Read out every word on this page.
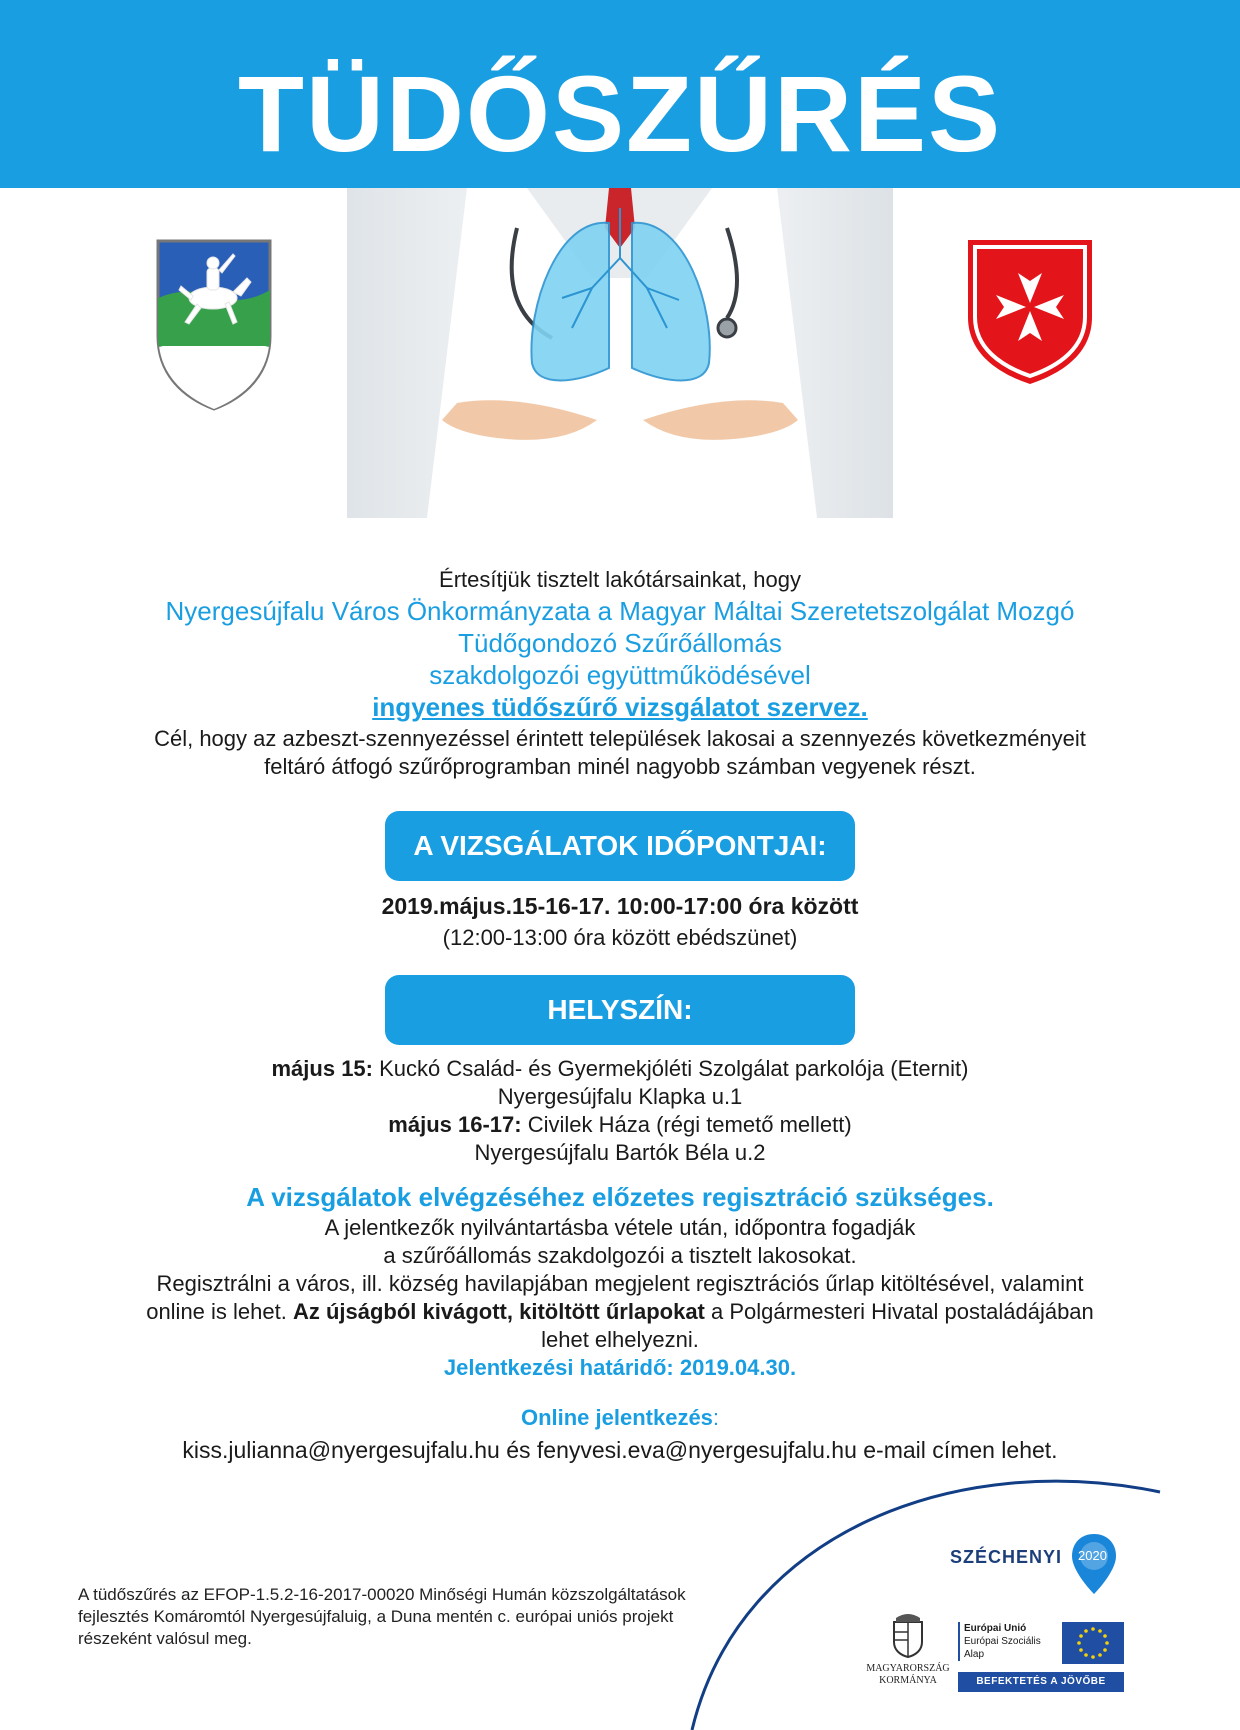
TÜDŐSZŰRÉS

Értesítjük tisztelt lakótársainkat, hogy

Nyergesújfalu Város Önkormányzata a Magyar Máltai Szeretetszolgálat Mozgó

Tüdőgondozó Szűrőállomás

szakdolgozói együttműködésével

ingyenes tüdőszűrő vizsgálatot szervez.

Cél, hogy az azbeszt-szennyezéssel érintett települések lakosai a szennyezés következményeit

feltáró átfogó szűrőprogramban minél nagyobb számban vegyenek részt.

A VIZSGÁLATOK IDŐPONTJAI:

2019.május.15-16-17. 10:00-17:00 óra között

(12:00-13:00 óra között ebédszünet)

HELYSZÍN:

május 15: Kuckó Család- és Gyermekjóléti Szolgálat parkolója (Eternit)

Nyergesújfalu Klapka u.1

május 16-17: Civilek Háza (régi temető mellett)

Nyergesújfalu Bartók Béla u.2

A vizsgálatok elvégzéséhez előzetes regisztráció szükséges.

A jelentkezők nyilvántartásba vétele után, időpontra fogadják

a szűrőállomás szakdolgozói a tisztelt lakosokat.

Regisztrálni a város, ill. község havilapjában megjelent regisztrációs űrlap kitöltésével, valamint

online is lehet. Az újságból kivágott, kitöltött űrlapokat a Polgármesteri Hivatal postaládájában

lehet elhelyezni.

Jelentkezési határidő: 2019.04.30.

Online jelentkezés:

kiss.julianna@nyergesujfalu.hu és fenyvesi.eva@nyergesujfalu.hu e-mail címen lehet.

A tüdőszűrés az EFOP-1.5.2-16-2017-00020 Minőségi Humán közszolgáltatások
fejlesztés Komáromtól Nyergesújfaluig, a Duna mentén c. európai uniós projekt
részeként valósul meg.
SZÉCHENYI 2020
MAGYARORSZÁG
KORMÁNYA
Európai Unió
Európai Szociális
Alap
BEFEKTETÉS A JÖVŐBE
